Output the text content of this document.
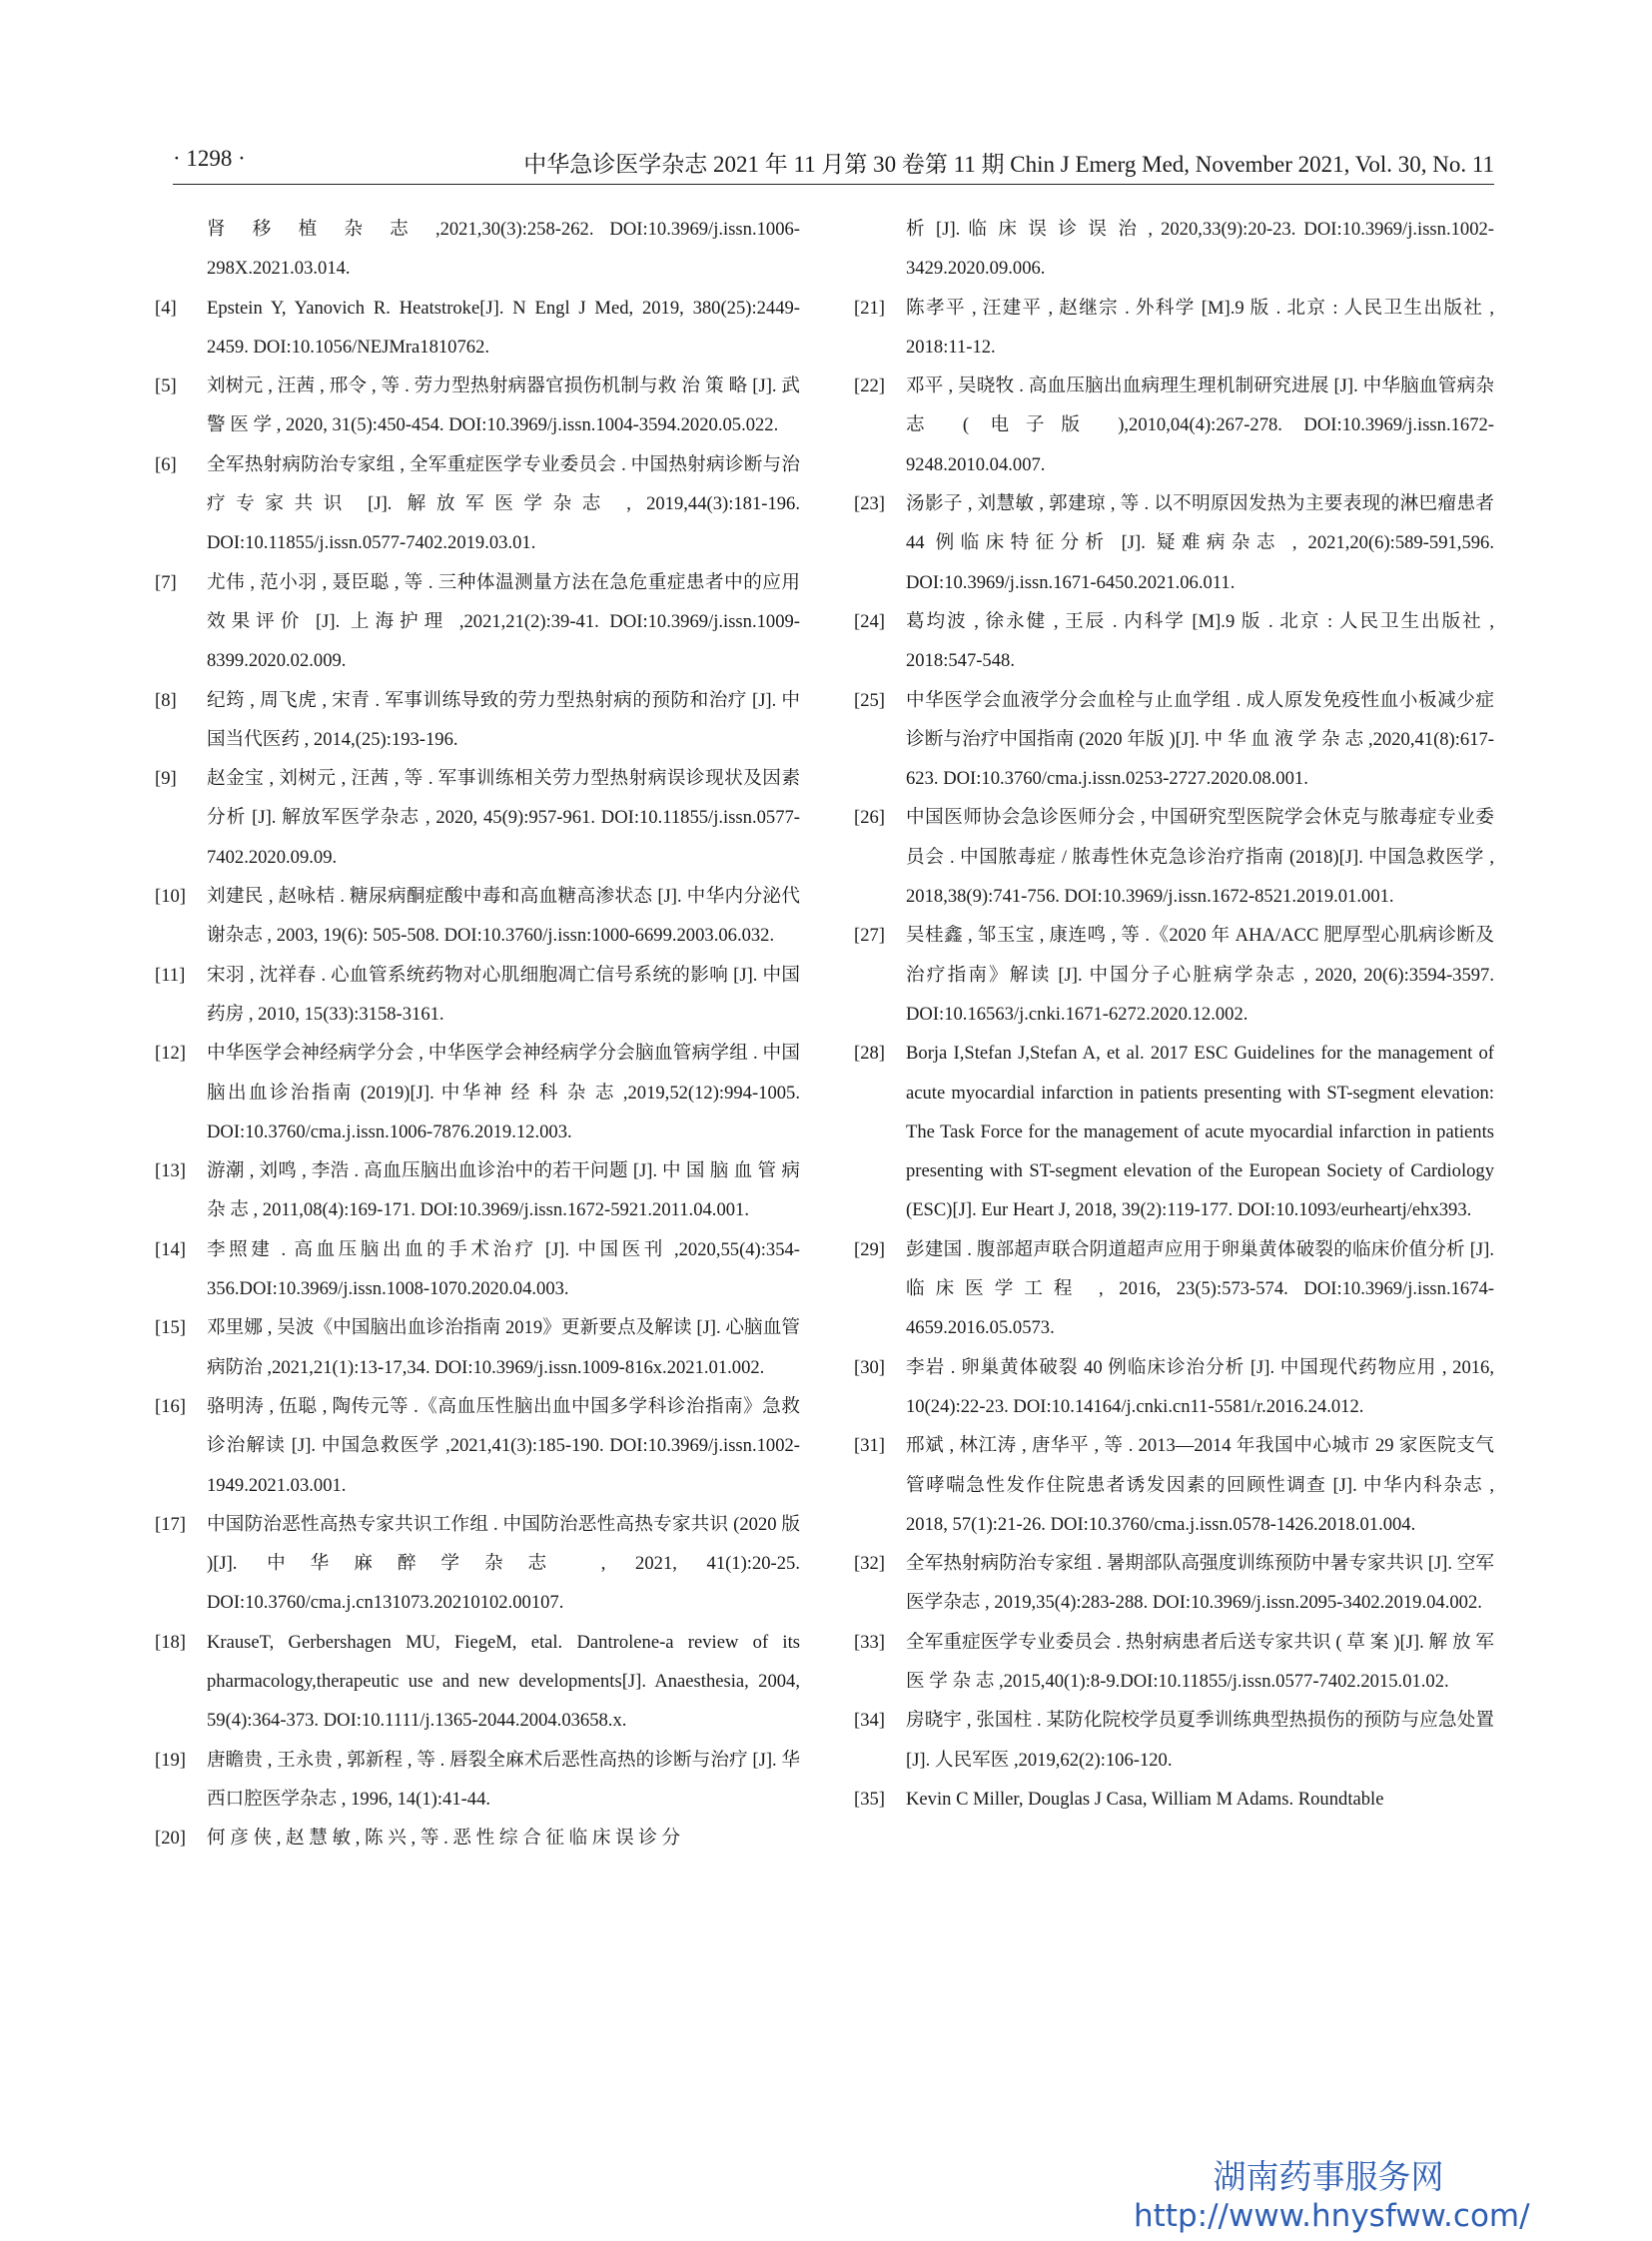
· 1298 ·	中华急诊医学杂志 2021 年 11 月第 30 卷第 11 期 Chin J Emerg Med, November 2021, Vol. 30, No. 11
肾 移 植 杂 志 ,2021,30(3):258-262. DOI:10.3969/j.issn.1006-298X.2021.03.014.
[4] Epstein Y, Yanovich R. Heatstroke[J]. N Engl J Med, 2019, 380(25):2449-2459. DOI:10.1056/NEJMra1810762.
[5] 刘树元 , 汪茜 , 邢令 , 等 . 劳力型热射病器官损伤机制与救 治 策 略 [J]. 武 警 医 学 , 2020, 31(5):450-454. DOI:10.3969/j.issn.1004-3594.2020.05.022.
[6] 全军热射病防治专家组 , 全军重症医学专业委员会 . 中国热射病诊断与治疗专家共识 [J]. 解放军医学杂志 , 2019,44(3):181-196. DOI:10.11855/j.issn.0577-7402.2019.03.01.
[7] 尤伟 , 范小羽 , 聂臣聪 , 等 . 三种体温测量方法在急危重症患者中的应用效果评价 [J]. 上海护理 ,2021,21(2):39-41. DOI:10.3969/j.issn.1009-8399.2020.02.009.
[8] 纪筠 , 周飞虎 , 宋青 . 军事训练导致的劳力型热射病的预防和治疗 [J]. 中国当代医药 , 2014,(25):193-196.
[9] 赵金宝 , 刘树元 , 汪茜 , 等 . 军事训练相关劳力型热射病误诊现状及因素分析 [J]. 解放军医学杂志 , 2020, 45(9):957-961. DOI:10.11855/j.issn.0577-7402.2020.09.09.
[10] 刘建民 , 赵咏桔 . 糖尿病酮症酸中毒和高血糖高渗状态 [J]. 中华内分泌代谢杂志 , 2003, 19(6): 505-508. DOI:10.3760/j.issn:1000-6699.2003.06.032.
[11] 宋羽 , 沈祥春 . 心血管系统药物对心肌细胞凋亡信号系统的影响 [J]. 中国药房 , 2010, 15(33):3158-3161.
[12] 中华医学会神经病学分会 , 中华医学会神经病学分会脑血管病学组 . 中国脑出血诊治指南 (2019)[J]. 中华神 经 科 杂 志 ,2019,52(12):994-1005. DOI:10.3760/cma.j.issn.1006-7876.2019.12.003.
[13] 游潮 , 刘鸣 , 李浩 . 高血压脑出血诊治中的若干问题 [J]. 中 国 脑 血 管 病 杂 志 , 2011,08(4):169-171. DOI:10.3969/j.issn.1672-5921.2011.04.001.
[14] 李照建 . 高血压脑出血的手术治疗 [J]. 中国医刊 ,2020,55(4):354-356.DOI:10.3969/j.issn.1008-1070.2020.04.003.
[15] 邓里娜 , 吴波《中国脑出血诊治指南 2019》更新要点及解读 [J]. 心脑血管病防治 ,2021,21(1):13-17,34. DOI:10.3969/j.issn.1009-816x.2021.01.002.
[16] 骆明涛 , 伍聪 , 陶传元等 .《高血压性脑出血中国多学科诊治指南》急救诊治解读 [J]. 中国急救医学 ,2021,41(3):185-190. DOI:10.3969/j.issn.1002-1949.2021.03.001.
[17] 中国防治恶性高热专家共识工作组 . 中国防治恶性高热专家共识 (2020 版 )[J]. 中华麻醉学杂志 , 2021, 41(1):20-25. DOI:10.3760/cma.j.cn131073.20210102.00107.
[18] KrauseT, Gerbershagen MU, FiegeM, etal. Dantrolene-a review of its pharmacology,therapeutic use and new developments[J]. Anaesthesia, 2004, 59(4):364-373. DOI:10.1111/j.1365-2044.2004.03658.x.
[19] 唐瞻贵 , 王永贵 , 郭新程 , 等 . 唇裂全麻术后恶性高热的诊断与治疗 [J]. 华西口腔医学杂志 , 1996, 14(1):41-44.
[20] 何 彦 侠 , 赵 慧 敏 , 陈 兴 , 等 . 恶 性 综 合 征 临 床 误 诊 分
析 [J]. 临 床 误 诊 误 治 , 2020,33(9):20-23. DOI:10.3969/j.issn.1002-3429.2020.09.006.
[21] 陈孝平 , 汪建平 , 赵继宗 . 外科学 [M].9 版 . 北京 : 人民卫生出版社 , 2018:11-12.
[22] 邓平 , 吴晓牧 . 高血压脑出血病理生理机制研究进展 [J]. 中华脑血管病杂志 ( 电子版 ),2010,04(4):267-278. DOI:10.3969/j.issn.1672-9248.2010.04.007.
[23] 汤影子 , 刘慧敏 , 郭建琼 , 等 . 以不明原因发热为主要表现的淋巴瘤患者 44 例临床特征分析 [J]. 疑难病杂志 , 2021,20(6):589-591,596. DOI:10.3969/j.issn.1671-6450.2021.06.011.
[24] 葛均波 , 徐永健 , 王辰 . 内科学 [M].9 版 . 北京 : 人民卫生出版社 , 2018:547-548.
[25] 中华医学会血液学分会血栓与止血学组 . 成人原发免疫性血小板减少症诊断与治疗中国指南 (2020 年版 )[J]. 中 华 血 液 学 杂 志 ,2020,41(8):617-623. DOI:10.3760/cma.j.issn.0253-2727.2020.08.001.
[26] 中国医师协会急诊医师分会 , 中国研究型医院学会休克与脓毒症专业委员会 . 中国脓毒症 / 脓毒性休克急诊治疗指南 (2018)[J]. 中国急救医学 , 2018,38(9):741-756. DOI:10.3969/j.issn.1672-8521.2019.01.001.
[27] 吴桂鑫 , 邹玉宝 , 康连鸣 , 等 .《2020 年 AHA/ACC 肥厚型心肌病诊断及治疗指南》解读 [J]. 中国分子心脏病学杂志 , 2020, 20(6):3594-3597. DOI:10.16563/j.cnki.1671-6272.2020.12.002.
[28] Borja I,Stefan J,Stefan A, et al. 2017 ESC Guidelines for the management of acute myocardial infarction in patients presenting with ST-segment elevation: The Task Force for the management of acute myocardial infarction in patients presenting with ST-segment elevation of the European Society of Cardiology (ESC)[J]. Eur Heart J, 2018, 39(2):119-177. DOI:10.1093/eurheartj/ehx393.
[29] 彭建国 . 腹部超声联合阴道超声应用于卵巢黄体破裂的临床价值分析 [J]. 临床医学工程 , 2016, 23(5):573-574. DOI:10.3969/j.issn.1674-4659.2016.05.0573.
[30] 李岩 . 卵巢黄体破裂 40 例临床诊治分析 [J]. 中国现代药物应用 , 2016, 10(24):22-23. DOI:10.14164/j.cnki.cn11-5581/r.2016.24.012.
[31] 邢斌 , 林江涛 , 唐华平 , 等 . 2013—2014 年我国中心城市 29 家医院支气管哮喘急性发作住院患者诱发因素的回顾性调查 [J]. 中华内科杂志 , 2018, 57(1):21-26. DOI:10.3760/cma.j.issn.0578-1426.2018.01.004.
[32] 全军热射病防治专家组 . 暑期部队高强度训练预防中暑专家共识 [J]. 空军医学杂志 , 2019,35(4):283-288. DOI:10.3969/j.issn.2095-3402.2019.04.002.
[33] 全军重症医学专业委员会 . 热射病患者后送专家共识 ( 草 案 )[J]. 解 放 军 医 学 杂 志 ,2015,40(1):8-9.DOI:10.11855/j.issn.0577-7402.2015.01.02.
[34] 房晓宇 , 张国柱 . 某防化院校学员夏季训练典型热损伤的预防与应急处置 [J]. 人民军医 ,2019,62(2):106-120.
[35] Kevin C Miller, Douglas J Casa, William M Adams. Roundtable
湖南药事服务网
http://www.hnysfww.com/
